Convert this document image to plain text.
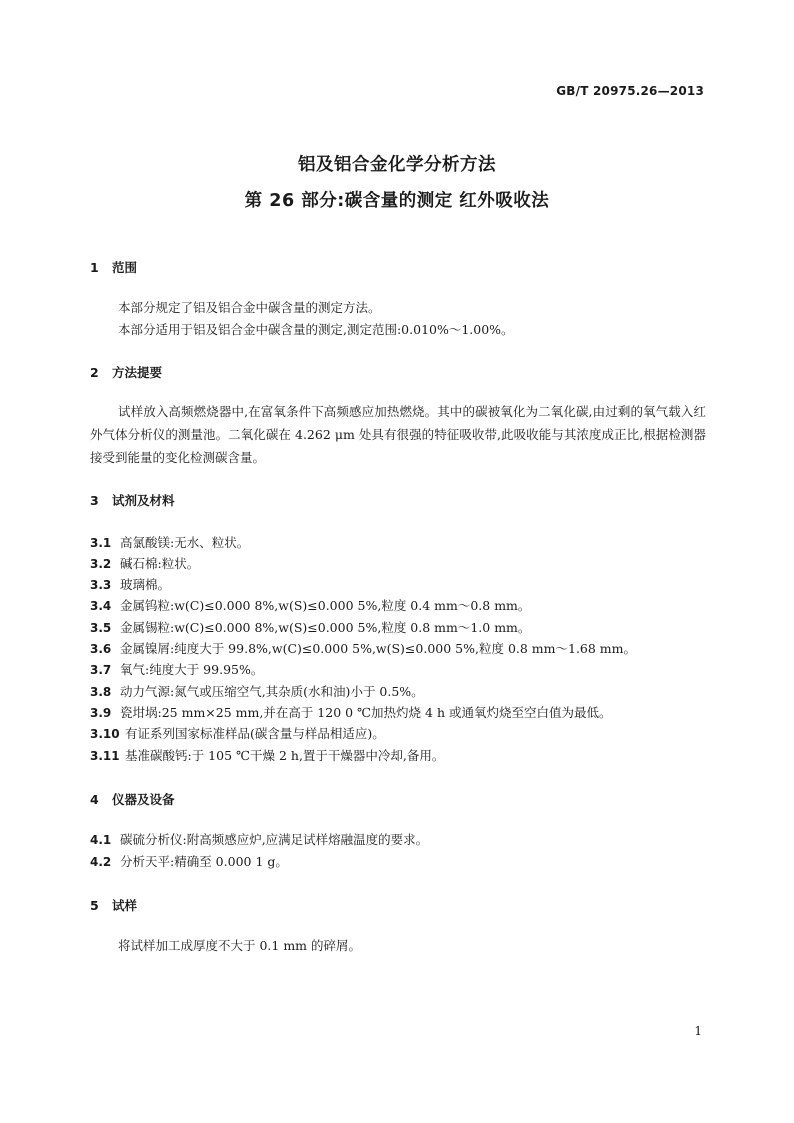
GB/T 20975.26—2013
铝及铝合金化学分析方法
第 26 部分:碳含量的测定 红外吸收法
1 范围
本部分规定了铝及铝合金中碳含量的测定方法。
本部分适用于铝及铝合金中碳含量的测定,测定范围:0.010%～1.00%。
2 方法提要
试样放入高频燃烧器中,在富氧条件下高频感应加热燃烧。其中的碳被氧化为二氧化碳,由过剩的氧气载入红外气体分析仪的测量池。二氧化碳在 4.262 μm 处具有很强的特征吸收带,此吸收能与其浓度成正比,根据检测器接受到能量的变化检测碳含量。
3 试剂及材料
3.1 高氯酸镁:无水、粒状。
3.2 碱石棉:粒状。
3.3 玻璃棉。
3.4 金属钨粒:w(C)≤0.000 8%,w(S)≤0.000 5%,粒度 0.4 mm～0.8 mm。
3.5 金属锡粒:w(C)≤0.000 8%,w(S)≤0.000 5%,粒度 0.8 mm～1.0 mm。
3.6 金属镍屑:纯度大于 99.8%,w(C)≤0.000 5%,w(S)≤0.000 5%,粒度 0.8 mm～1.68 mm。
3.7 氧气:纯度大于 99.95%。
3.8 动力气源:氮气或压缩空气,其杂质(水和油)小于 0.5%。
3.9 瓷坩埚:25 mm×25 mm,并在高于 120 0 ℃加热灼烧 4 h 或通氧灼烧至空白值为最低。
3.10 有证系列国家标准样品(碳含量与样品相适应)。
3.11 基准碳酸钙:于 105 ℃干燥 2 h,置于干燥器中冷却,备用。
4 仪器及设备
4.1 碳硫分析仪:附高频感应炉,应满足试样熔融温度的要求。
4.2 分析天平:精确至 0.000 1 g。
5 试样
将试样加工成厚度不大于 0.1 mm 的碎屑。
1
